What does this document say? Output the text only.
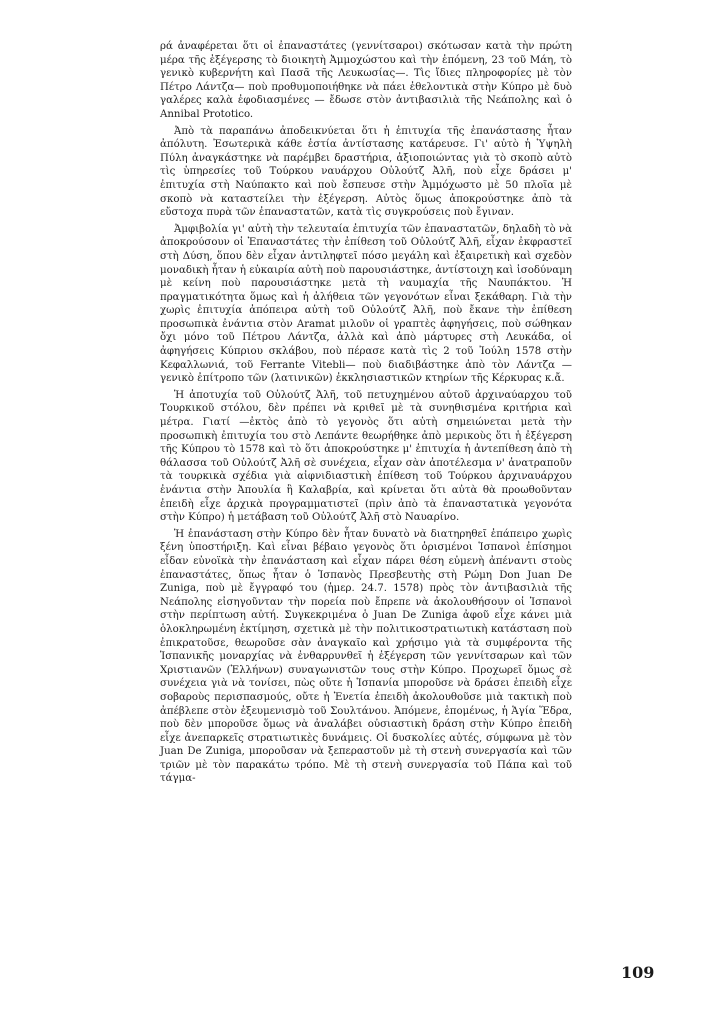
ρά ἀναφέρεται ὅτι οἱ ἐπαναστάτες (γεννίτσαροι) σκότωσαν κατὰ τὴν πρώτη μέρα τῆς ἐξέγερσης τὸ διοικητὴ Ἀμμοχώστου καὶ τὴν ἑπόμενη, 23 τοῦ Μάη, τὸ γενικὸ κυβερνήτη καὶ Πασᾶ τῆς Λευκωσίας—. Τὶς ἴδιες πληροφορίες μὲ τὸν Πέτρο Λάντζα— ποὺ προθυμοποιήθηκε νὰ πάει ἐθελοντικὰ στὴν Κύπρο μὲ δυὸ γαλέρες καλὰ ἐφοδιασμένες — ἔδωσε στὸν ἀντιβασιλιὰ τῆς Νεάπολης καὶ ὁ Annibal Prototico.

Ἀπὸ τὰ παραπάνω ἀποδεικνύεται ὅτι ἡ ἐπιτυχία τῆς ἐπανάστασης ἦταν ἀπόλυτη. Ἐσωτερικὰ κάθε ἑστία ἀντίστασης κατάρευσε. Γι' αὐτὸ ἡ Ὑψηλὴ Πύλη ἀναγκάστηκε νὰ παρέμβει δραστήρια, ἀξιοποιώντας γιὰ τὸ σκοπὸ αὐτὸ τὶς ὑπηρεσίες τοῦ Τούρκου ναυάρχου Οὐλούτζ Ἀλῆ, ποὺ εἶχε δράσει μ' ἐπιτυχία στὴ Ναύπακτο καὶ ποὺ ἔσπευσε στὴν Ἀμμόχωστο μὲ 50 πλοῖα μὲ σκοπὸ νὰ καταστείλει τὴν ἐξέγερση. Αὐτὸς ὅμως ἀποκρούστηκε ἀπὸ τὰ εὔστοχα πυρὰ τῶν ἐπαναστατῶν, κατὰ τὶς συγκρούσεις ποὺ ἔγιναν.

Ἀμφιβολία γι' αὐτὴ τὴν τελευταία ἐπιτυχία τῶν ἐπαναστατῶν, δηλαδὴ τὸ νὰ ἀποκρούσουν οἱ Ἐπαναστάτες τὴν ἐπίθεση τοῦ Οὐλούτζ Ἀλῆ, εἶχαν ἐκφραστεῖ στὴ Δύση, ὅπου δὲν εἶχαν ἀντιληφτεῖ πόσο μεγάλη καὶ ἐξαιρετικὴ καὶ σχεδὸν μοναδικὴ ἦταν ἡ εὐκαιρία αὐτὴ ποὺ παρουσιάστηκε, ἀντίστοιχη καὶ ἰσοδύναμη μὲ κείνη ποὺ παρουσιάστηκε μετὰ τὴ ναυμαχία τῆς Ναυπάκτου. Ἡ πραγματικότητα ὅμως καὶ ἡ ἀλήθεια τῶν γεγονότων εἶναι ξεκάθαρη. Γιὰ τὴν χωρὶς ἐπιτυχία ἀπόπειρα αὐτὴ τοῦ Οὐλούτζ Ἀλῆ, ποὺ ἔκανε τὴν ἐπίθεση προσωπικὰ ἐνάντια στὸν Aramat μιλοῦν οἱ γραπτὲς ἀφηγήσεις, ποὺ σώθηκαν ὄχι μόνο τοῦ Πέτρου Λάντζα, ἀλλὰ καὶ ἀπὸ μάρτυρες στὴ Λευκάδα, οἱ ἀφηγήσεις Κύπριου σκλάβου, ποὺ πέρασε κατὰ τὶς 2 τοῦ Ἰούλη 1578 στὴν Κεφαλλωνιά, τοῦ Ferrante Vitebli— ποὺ διαδιβάστηκε ἀπὸ τὸν Λάντζα —γενικὸ ἐπίτροπο τῶν (λατινικῶν) ἐκκλησιαστικῶν κτηρίων τῆς Κέρκυρας κ.ἄ.

Ἡ ἀποτυχία τοῦ Οὐλούτζ Ἀλῆ, τοῦ πετυχημένου αὐτοῦ ἀρχιναύαρχου τοῦ Τουρκικοῦ στόλου, δὲν πρέπει νὰ κριθεῖ μὲ τὰ συνηθισμένα κριτήρια καὶ μέτρα. Γιατί —ἐκτὸς ἀπὸ τὸ γεγονὸς ὅτι αὐτὴ σημειώνεται μετὰ τὴν προσωπικὴ ἐπιτυχία του στὸ Λεπάντε θεωρήθηκε ἀπὸ μερικοὺς ὅτι ἡ ἐξέγερση τῆς Κύπρου τὸ 1578 καὶ τὸ ὅτι ἀποκρούστηκε μ' ἐπιτυχία ἡ ἀντεπίθεση ἀπὸ τὴ θάλασσα τοῦ Οὐλούτζ Ἀλῆ σὲ συνέχεια, εἶχαν σὰν ἀποτέλεσμα ν' ἀνατραποῦν τὰ τουρκικὰ σχέδια γιὰ αἰφνιδιαστικὴ ἐπίθεση τοῦ Τούρκου ἀρχιναυάρχου ἐνάντια στὴν Ἀπουλία ἢ Καλαβρία, καὶ κρίνεται ὅτι αὐτὰ θὰ προωθοῦνταν ἐπειδὴ εἶχε ἀρχικὰ προγραμματιστεῖ (πρὶν ἀπὸ τὰ ἐπαναστατικὰ γεγονότα στὴν Κύπρο) ἡ μετάβαση τοῦ Οὐλούτζ Ἀλῆ στὸ Ναυαρίνο.

Ἡ ἐπανάσταση στὴν Κύπρο δὲν ἦταν δυνατὸ νὰ διατηρηθεῖ ἐπάπειρο χωρὶς ξένη ὑποστήριξη. Καὶ εἶναι βέβαιο γεγονὸς ὅτι ὁρισμένοι Ἱσπανοὶ ἐπίσημοι εἶδαν εὐνοϊκὰ τὴν ἐπανάσταση καὶ εἶχαν πάρει θέση εὐμενὴ ἀπέναντι στοὺς ἐπαναστάτες, ὅπως ἦταν ὁ Ἱσπανὸς Πρεσβευτὴς στὴ Ρώμη Don Juan De Zuniga, ποὺ μὲ ἔγγραφό του (ἡμερ. 24.7. 1578) πρὸς τὸν ἀντιβασιλιὰ τῆς Νεάπολης εἰσηγοῦνταν τὴν πορεία ποὺ ἔπρεπε νὰ ἀκολουθήσουν οἱ Ἱσπανοὶ στὴν περίπτωση αὐτή. Συγκεκριμένα ὁ Juan De Zuniga ἀφοῦ εἶχε κάνει μιὰ ὁλοκληρωμένη ἐκτίμηση, σχετικὰ μὲ τὴν πολιτικοστρατιωτικὴ κατάσταση ποὺ ἐπικρατοῦσε, θεωροῦσε σὰν ἀναγκαῖο καὶ χρήσιμο γιὰ τὰ συμφέροντα τῆς Ἱσπανικῆς μοναρχίας νὰ ἐνθαρρυνθεῖ ἡ ἐξέγερση τῶν γεννίτσαρων καὶ τῶν Χριστιανῶν (Ἑλλήνων) συναγωνιστῶν τους στὴν Κύπρο. Προχωρεῖ ὅμως σὲ συνέχεια γιὰ νὰ τονίσει, πὼς οὔτε ἡ Ἱσπανία μποροῦσε νὰ δράσει ἐπειδὴ εἶχε σοβαροὺς περισπασμούς, οὔτε ἡ Ἐνετία ἐπειδὴ ἀκολουθοῦσε μιὰ τακτικὴ ποὺ ἀπέβλεπε στὸν ἐξευμενισμὸ τοῦ Σουλτάνου. Ἀπόμενε, ἑπομένως, ἡ Ἁγία Ἕδρα, ποὺ δὲν μποροῦσε ὅμως νὰ ἀναλάβει οὐσιαστικὴ δράση στὴν Κύπρο ἐπειδὴ εἶχε ἀνεπαρκεῖς στρατιωτικὲς δυνάμεις. Οἱ δυσκολίες αὐτές, σύμφωνα μὲ τὸν Juan De Zuniga, μποροῦσαν νὰ ξεπεραστοῦν μὲ τὴ στενὴ συνεργασία καὶ τῶν τριῶν μὲ τὸν παρακάτω τρόπο. Μὲ τὴ στενὴ συνεργασία τοῦ Πάπα καὶ τοῦ τάγμα-

109
